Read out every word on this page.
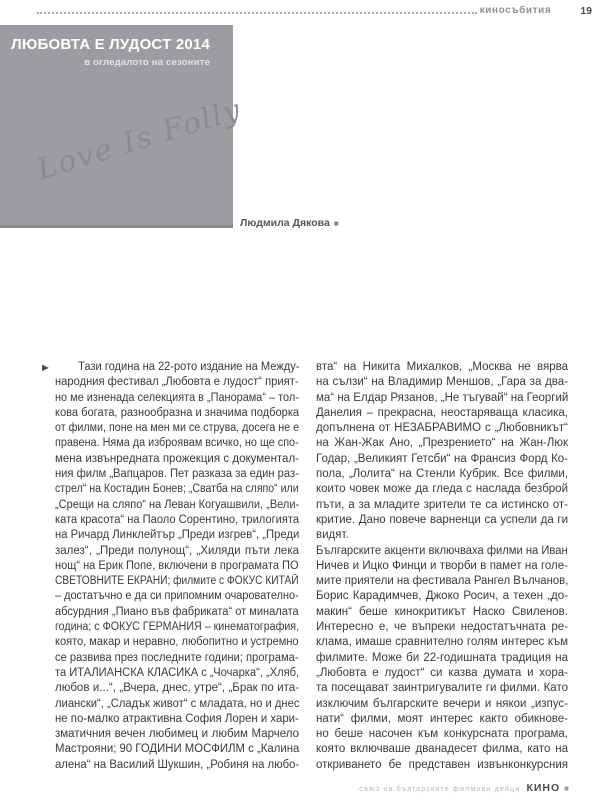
киносъбития	19
ЛЮБОВТА Е ЛУДОСТ 2014
в огледалото на сезоните
Love Is Folly
Людмила Дякова ■
►	Тази година на 22-рото издание на Между-
народния фестивал „Любовта е лудост“ прият-
но ме изненада селекцията в „Панорама“ – тол-
кова богата, разнообразна и значима подборка
от филми, поне на мен ми се струва, досега не е
правена. Няма да изброявам всичко, но ще спо-
мена извънредната прожекция с документал-
ния филм „Вапцаров. Пет разказа за един раз-
стрел“ на Костадин Бонев; „Сватба на сляпо“ или
„Срещи на сляпо“ на Леван Когуашвили, „Вели-
ката красота“ на Паоло Сорентино, трилогията
на Ричард Линклейтър „Преди изгрев“, „Преди
залез“, „Преди полунощ“, „Хиляди пъти лека
нощ“ на Ерик Попе, включени в програмата ПО
СВЕТОВНИТЕ ЕКРАНИ; филмите с ФОКУС КИТАЙ
– достатъчно е да си припомним очарователно-
абсурдния „Пиано във фабриката“ от миналата
година; с ФОКУС ГЕРМАНИЯ – кинематография,
която, макар и неравно, любопитно и устремно
се развива през последните години; програма-
та ИТАЛИАНСКА КЛАСИКА с „Чочарка“, „Хляб,
любов и...“, „Вчера, днес, утре“, „Брак по ита-
лиански“, „Сладък живот“ с младата, но и днес
не по-малко атрактивна София Лорен и хари-
зматичния вечен любимец и любим Марчело
Мастрояни; 90 ГОДИНИ МОСФИЛМ с „Калина
алена“ на Василий Шукшин, „Робиня на любо-
вта“ на Никита Михалков, „Москва не вярва
на сълзи“ на Владимир Меншов, „Гара за два-
ма“ на Елдар Рязанов, „Не тъгувай“ на Георгий
Данелия – прекрасна, неостаряваща класика,
допълнена от НЕЗАБРАВИМО с „Любовникът“
на Жан-Жак Ано, „Презрението“ на Жан-Люк
Годар, „Великият Гетсби“ на Франсиз Форд Ко-
пола, „Лолита“ на Стенли Кубрик. Все филми,
които човек може да гледа с наслада безброй
пъти, а за младите зрители те са истинско от-
критие. Дано повече варненци са успели да ги
видят.
Българските акценти включваха филми на Иван
Ничев и Ицко Финци и творби в памет на голе-
мите приятели на фестивала Рангел Вълчанов,
Борис Карадимчев, Джоко Росич, а техен „до-
макин“ беше кинокритикът Наско Свиленов.
Интересно е, че въпреки недостатъчната ре-
клама, имаше сравнително голям интерес към
филмите. Може би 22-годишната традиция на
„Любовта е лудост“ си казва думата и хора-
та посещават заинтригувалите ги филми. Като
изключим българските вечери и някои „изпус-
нати“ филми, моят интерес както обикнове-
но беше насочен към конкурсната програма,
която включваше дванадесет филма, като на
откриването бе представен извънконкурсния
съюз на българските филмови дейци КИНО ■
